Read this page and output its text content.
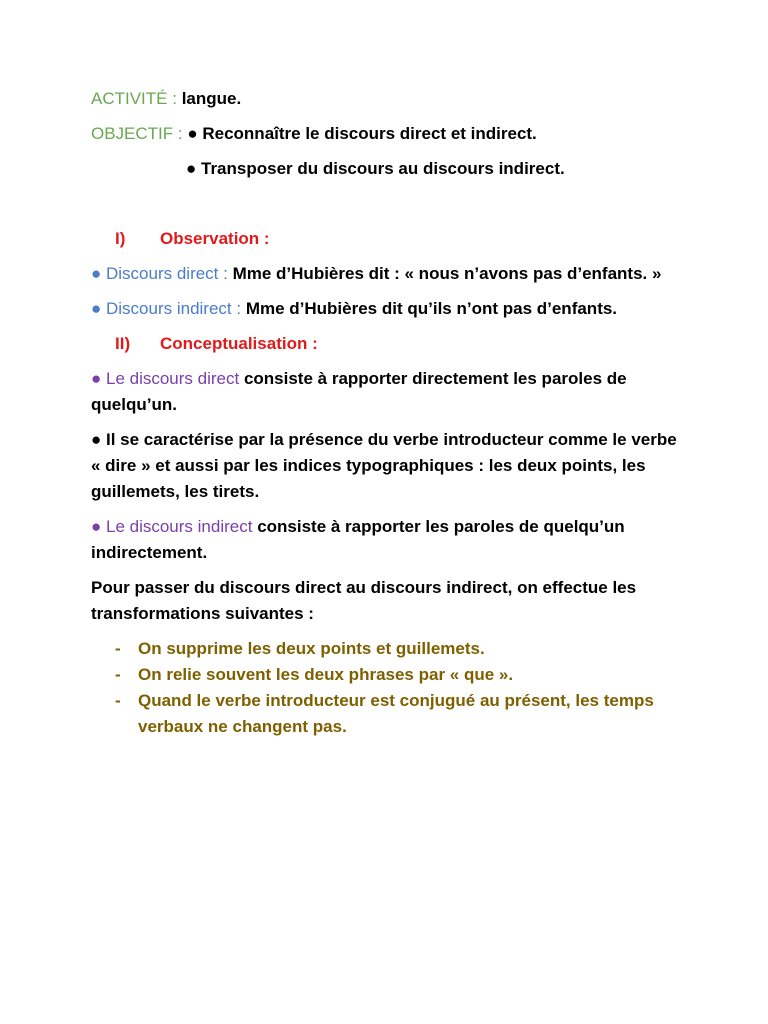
ACTIVITÉ : langue.

OBJECTIF : ● Reconnaître le discours direct et indirect.

● Transposer du discours au discours indirect.

I)	Observation :

● Discours direct : Mme d’Hubières dit : « nous n’avons pas d’enfants. »

● Discours indirect : Mme d’Hubières dit qu’ils n’ont pas d’enfants.

II)	Conceptualisation :

● Le discours direct consiste à rapporter directement les paroles de quelqu’un.

● Il se caractérise par la présence du verbe introducteur comme le verbe « dire » et aussi par les indices typographiques : les deux points, les guillemets, les tirets.

● Le discours indirect consiste à rapporter les paroles de quelqu’un indirectement.

Pour passer du discours direct au discours indirect, on effectue les transformations suivantes :

-	On supprime les deux points et guillemets.
-	On relie souvent les deux phrases par « que ».
-	Quand le verbe introducteur est conjugué au présent, les temps verbaux ne changent pas.
